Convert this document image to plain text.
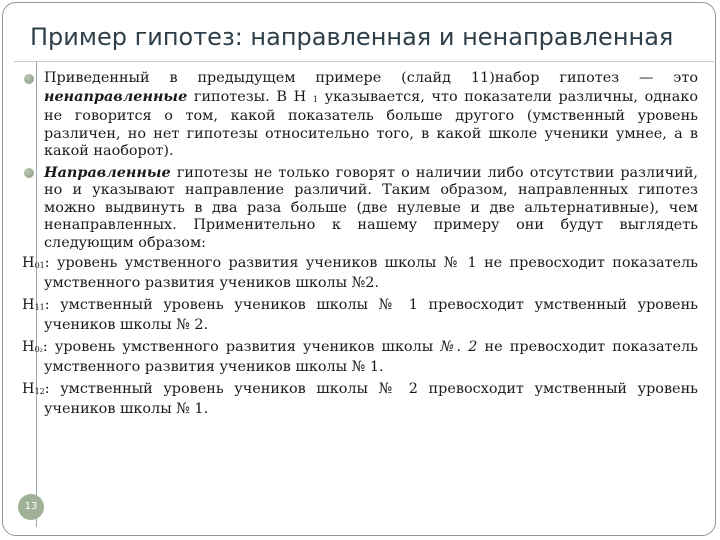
Пример гипотез: направленная и ненаправленная

Приведенный в предыдущем примере (слайд 11)набор гипотез — это ненаправленные гипотезы. В Н 1 указывается, что показатели различны, однако не говорится о том, какой показатель больше другого (умственный уровень различен, но нет гипотезы относительно того, в какой школе ученики умнее, а в какой наоборот).

Направленные гипотезы не только говорят о наличии либо отсутствии различий, но и указывают направление различий. Таким образом, направленных гипотез можно выдвинуть в два раза больше (две нулевые и две альтернативные), чем ненаправленных. Применительно к нашему примеру они будут выглядеть следующим образом:

Н01: уровень умственного развития учеников школы № 1 не превосходит показатель умственного развития учеников школы №2.

Н11: умственный уровень учеников школы № 1 превосходит умственный уровень учеников школы № 2.

Н0₂: уровень умственного развития учеников школы №. 2 не превосходит показатель умственного развития учеников школы № 1.

Н12: умственный уровень учеников школы № 2 превосходит умственный уровень учеников школы № 1.

13
